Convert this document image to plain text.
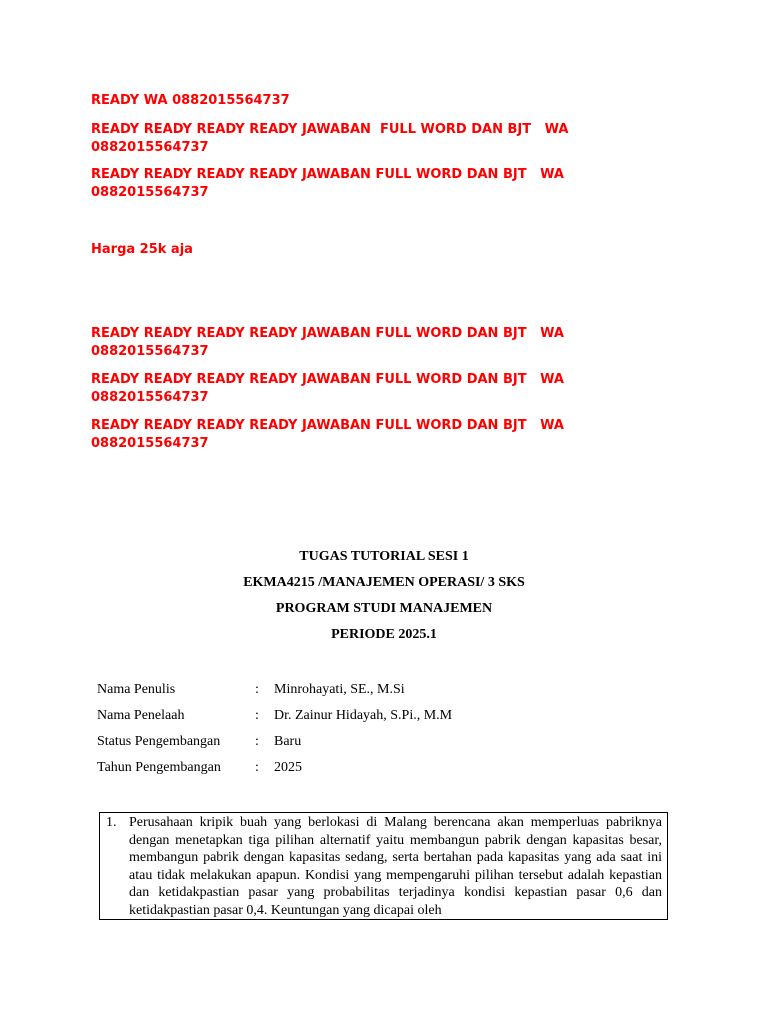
READY WA 0882015564737

READY READY READY READY JAWABAN  FULL WORD DAN BJT   WA 0882015564737

READY READY READY READY JAWABAN FULL WORD DAN BJT   WA 0882015564737

Harga 25k aja

READY READY READY READY JAWABAN FULL WORD DAN BJT   WA 0882015564737

READY READY READY READY JAWABAN FULL WORD DAN BJT   WA 0882015564737

READY READY READY READY JAWABAN FULL WORD DAN BJT   WA 0882015564737

TUGAS TUTORIAL SESI 1

EKMA4215 /MANAJEMEN OPERASI/ 3 SKS

PROGRAM STUDI MANAJEMEN

PERIODE 2025.1

Nama Penulis	: Minrohayati, SE., M.Si
Nama Penelaah	: Dr. Zainur Hidayah, S.Pi., M.M
Status Pengembangan : Baru
Tahun Pengembangan : 2025
1. Perusahaan kripik buah yang berlokasi di Malang berencana akan memperluas pabriknya dengan menetapkan tiga pilihan alternatif yaitu membangun pabrik dengan kapasitas besar, membangun pabrik dengan kapasitas sedang, serta bertahan pada kapasitas yang ada saat ini atau tidak melakukan apapun. Kondisi yang mempengaruhi pilihan tersebut adalah kepastian dan ketidakpastian pasar yang probabilitas terjadinya kondisi kepastian pasar 0,6 dan ketidakpastian pasar 0,4. Keuntungan yang dicapai oleh
